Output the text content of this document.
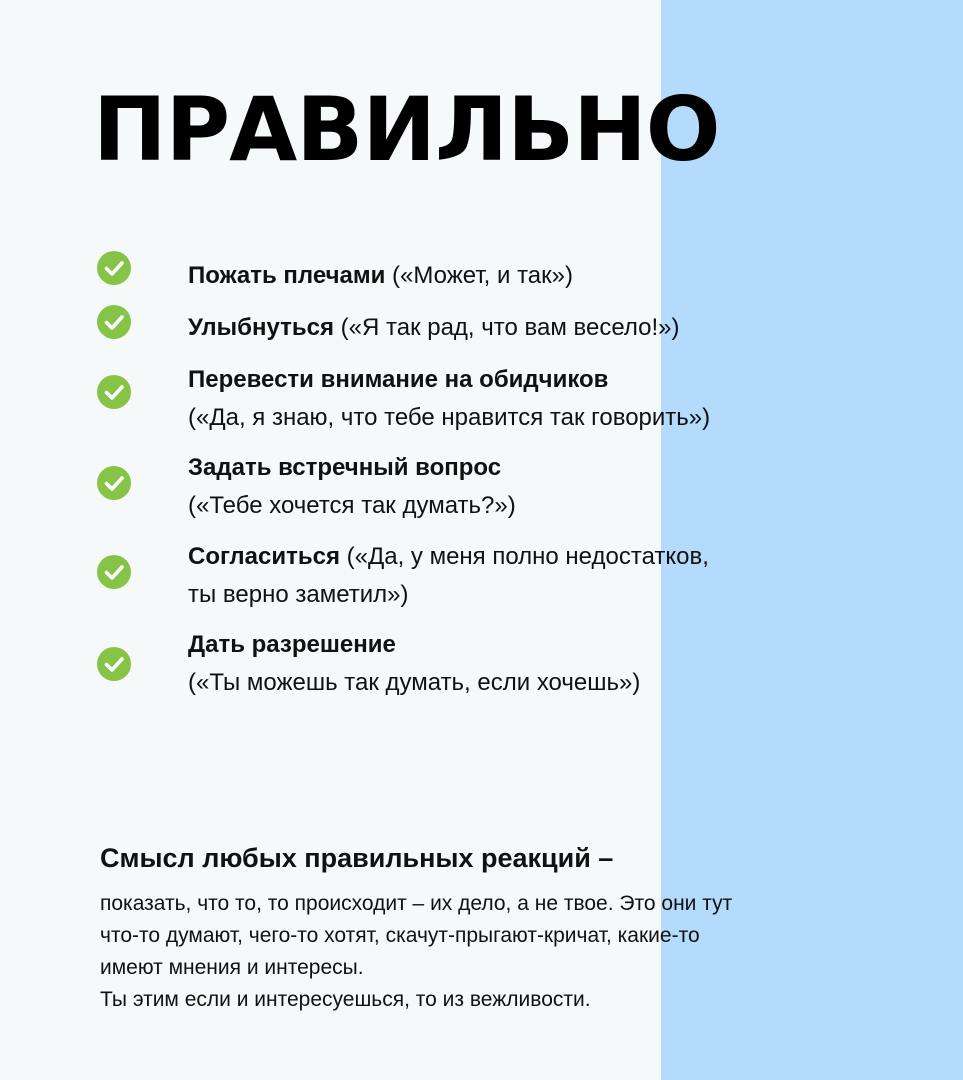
ПРАВИЛЬНО
Пожать плечами («Может, и так»)
Улыбнуться («Я так рад, что вам весело!»)
Перевести внимание на обидчиков
(«Да, я знаю, что тебе нравится так говорить»)
Задать встречный вопрос
(«Тебе хочется так думать?»)
Согласиться («Да, у меня полно недостатков,
ты верно заметил»)
Дать разрешение
(«Ты можешь так думать, если хочешь»)
Смысл любых правильных реакций –

показать, что то, то происходит – их дело, а не твое. Это они тут
что-то думают, чего-то хотят, скачут-прыгают-кричат, какие-то
имеют мнения и интересы.
Ты этим если и интересуешься, то из вежливости.
